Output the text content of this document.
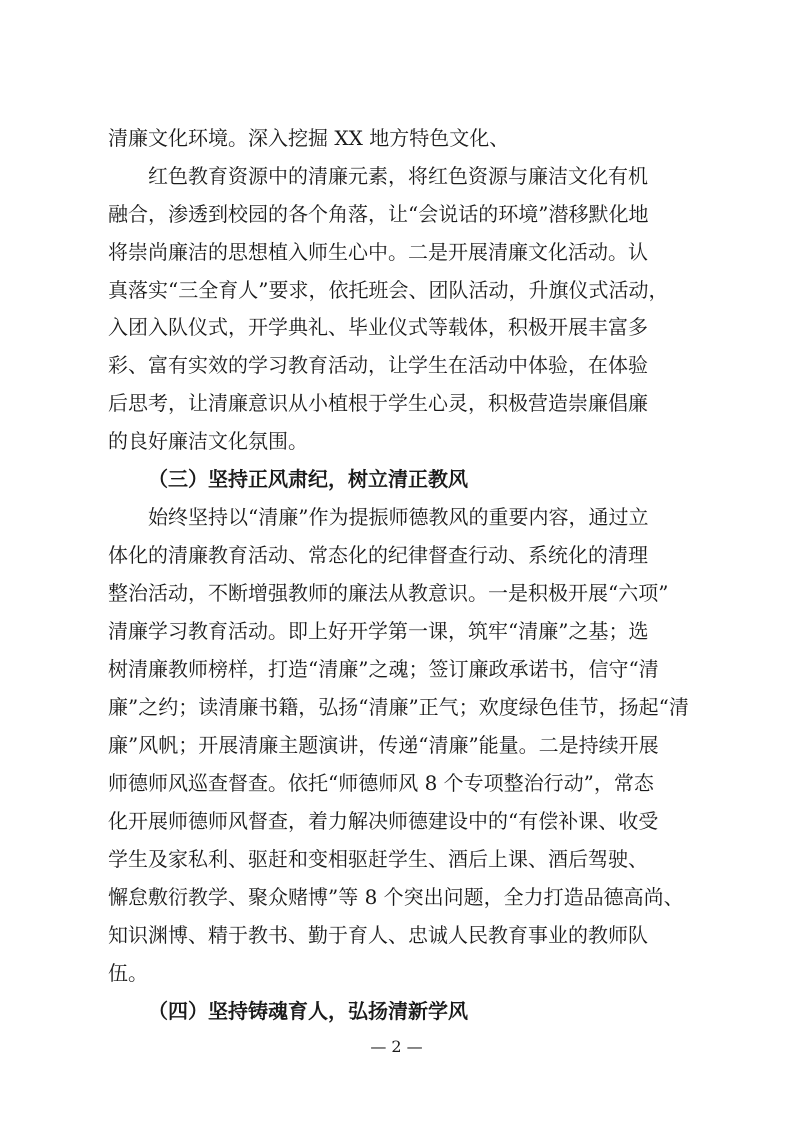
清廉文化环境。深入挖掘 XX 地方特色文化、

红色教育资源中的清廉元素，将红色资源与廉洁文化有机

融合，渗透到校园的各个角落，让“会说话的环境”潜移默化地

将崇尚廉洁的思想植入师生心中。二是开展清廉文化活动。认

真落实“三全育人”要求，依托班会、团队活动，升旗仪式活动，

入团入队仪式，开学典礼、毕业仪式等载体，积极开展丰富多

彩、富有实效的学习教育活动，让学生在活动中体验，在体验

后思考，让清廉意识从小植根于学生心灵，积极营造崇廉倡廉

的良好廉洁文化氛围。

（三）坚持正风肃纪，树立清正教风

始终坚持以“清廉”作为提振师德教风的重要内容，通过立

体化的清廉教育活动、常态化的纪律督查行动、系统化的清理

整治活动，不断增强教师的廉法从教意识。一是积极开展“六项”

清廉学习教育活动。即上好开学第一课，筑牢“清廉”之基；选

树清廉教师榜样，打造“清廉”之魂；签订廉政承诺书，信守“清

廉”之约；读清廉书籍，弘扬“清廉”正气；欢度绿色佳节，扬起“清

廉”风帆；开展清廉主题演讲，传递“清廉”能量。二是持续开展

师德师风巡查督查。依托“师德师风 8 个专项整治行动”，常态

化开展师德师风督查，着力解决师德建设中的“有偿补课、收受

学生及家私利、驱赶和变相驱赶学生、酒后上课、酒后驾驶、

懈怠敷衍教学、聚众赌博”等 8 个突出问题，全力打造品德高尚、

知识渊博、精于教书、勤于育人、忠诚人民教育事业的教师队

伍。

（四）坚持铸魂育人，弘扬清新学风

— 2 —
